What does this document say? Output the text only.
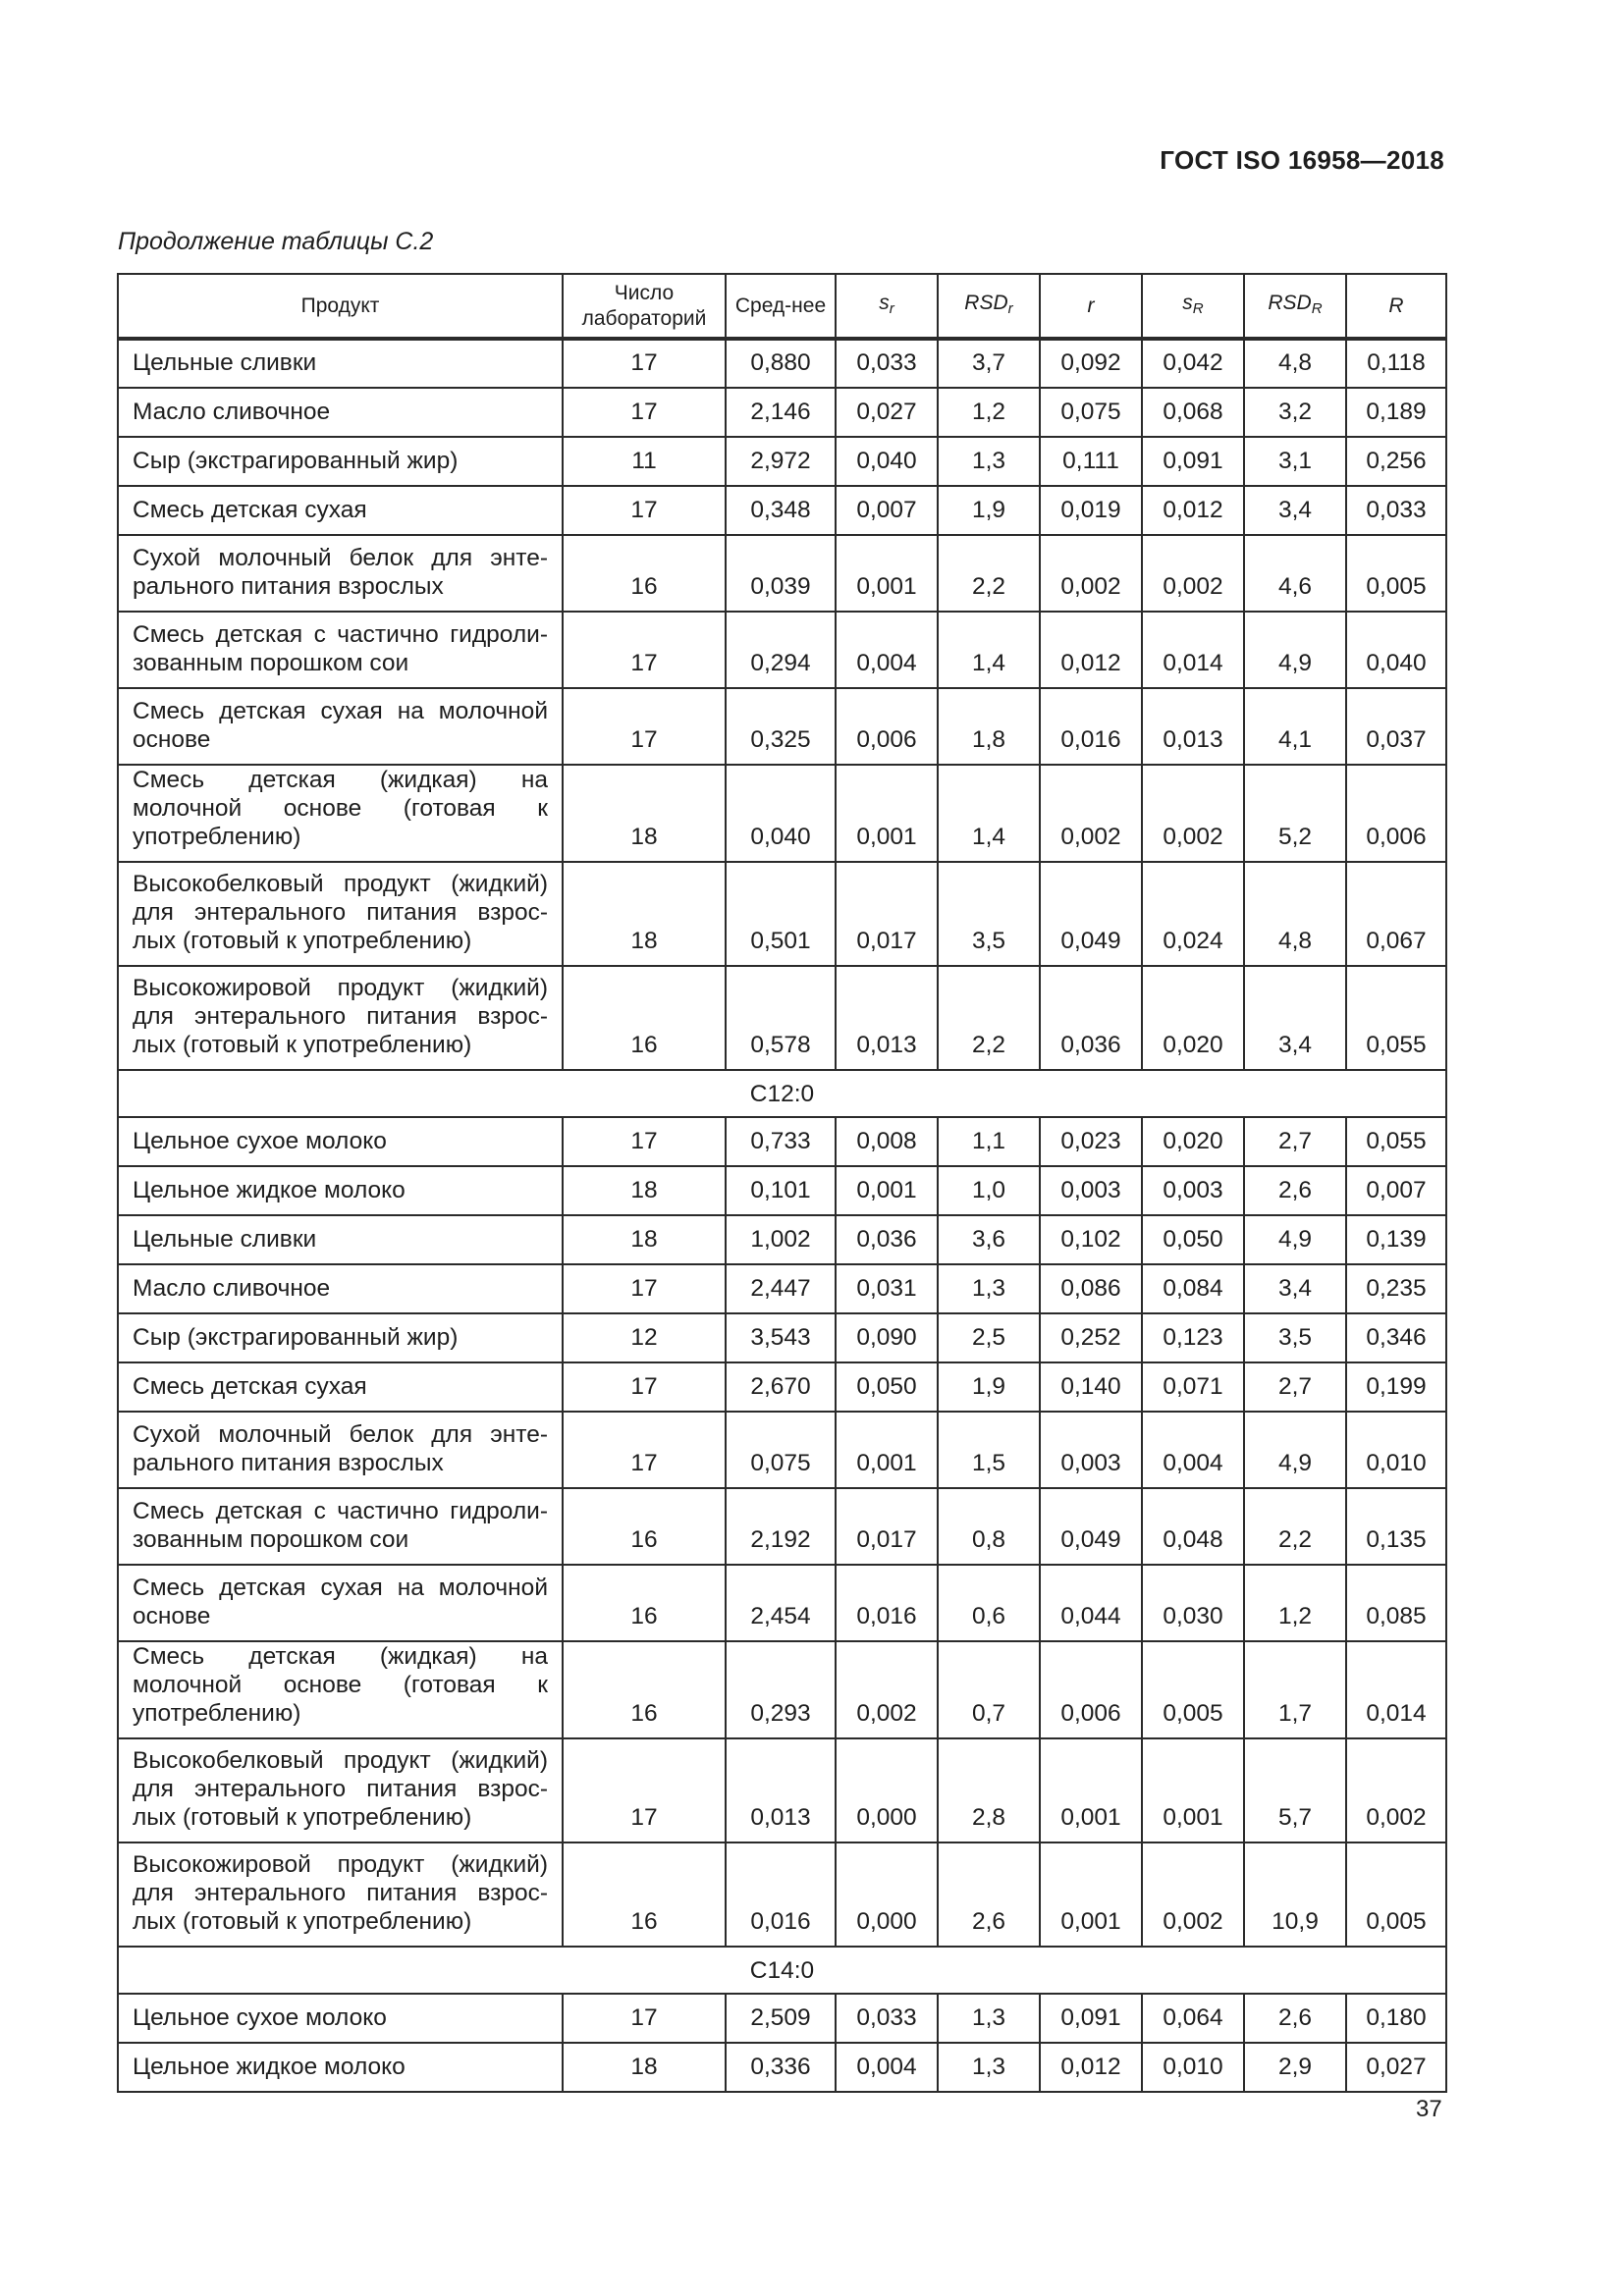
ГОСТ ISO 16958—2018
Продолжение таблицы С.2
Продукт	Число лабораторий	Сред-нее	$s_r$	$RSD_r$	r	$s_R$	$RSD_R$	R
Цельные сливки	17	0,880	0,033	3,7	0,092	0,042	4,8	0,118
Масло сливочное	17	2,146	0,027	1,2	0,075	0,068	3,2	0,189
Сыр (экстрагированный жир)	11	2,972	0,040	1,3	0,111	0,091	3,1	0,256
Смесь детская сухая	17	0,348	0,007	1,9	0,019	0,012	3,4	0,033
Сухой молочный белок для энте-рального питания взрослых	16	0,039	0,001	2,2	0,002	0,002	4,6	0,005
Смесь детская с частично гидроли-зованным порошком сои	17	0,294	0,004	1,4	0,012	0,014	4,9	0,040
Смесь детская сухая на молочной основе	17	0,325	0,006	1,8	0,016	0,013	4,1	0,037
Смесь детская (жидкая) на молочной основе (готовая к употреблению)	18	0,040	0,001	1,4	0,002	0,002	5,2	0,006
Высокобелковый продукт (жидкий) для энтерального питания взрос-лых (готовый к употреблению)	18	0,501	0,017	3,5	0,049	0,024	4,8	0,067
Высокожировой продукт (жидкий) для энтерального питания взрос-лых (готовый к употреблению)	16	0,578	0,013	2,2	0,036	0,020	3,4	0,055
С12:0								
Цельное сухое молоко	17	0,733	0,008	1,1	0,023	0,020	2,7	0,055
Цельное жидкое молоко	18	0,101	0,001	1,0	0,003	0,003	2,6	0,007
Цельные сливки	18	1,002	0,036	3,6	0,102	0,050	4,9	0,139
Масло сливочное	17	2,447	0,031	1,3	0,086	0,084	3,4	0,235
Сыр (экстрагированный жир)	12	3,543	0,090	2,5	0,252	0,123	3,5	0,346
Смесь детская сухая	17	2,670	0,050	1,9	0,140	0,071	2,7	0,199
Сухой молочный белок для энте-рального питания взрослых	17	0,075	0,001	1,5	0,003	0,004	4,9	0,010
Смесь детская с частично гидроли-зованным порошком сои	16	2,192	0,017	0,8	0,049	0,048	2,2	0,135
Смесь детская сухая на молочной основе	16	2,454	0,016	0,6	0,044	0,030	1,2	0,085
Смесь детская (жидкая) на молочной основе (готовая к употреблению)	16	0,293	0,002	0,7	0,006	0,005	1,7	0,014
Высокобелковый продукт (жидкий) для энтерального питания взрос-лых (готовый к употреблению)	17	0,013	0,000	2,8	0,001	0,001	5,7	0,002
Высокожировой продукт (жидкий) для энтерального питания взрос-лых (готовый к употреблению)	16	0,016	0,000	2,6	0,001	0,002	10,9	0,005
С14:0								
Цельное сухое молоко	17	2,509	0,033	1,3	0,091	0,064	2,6	0,180
Цельное жидкое молоко	18	0,336	0,004	1,3	0,012	0,010	2,9	0,027
37
